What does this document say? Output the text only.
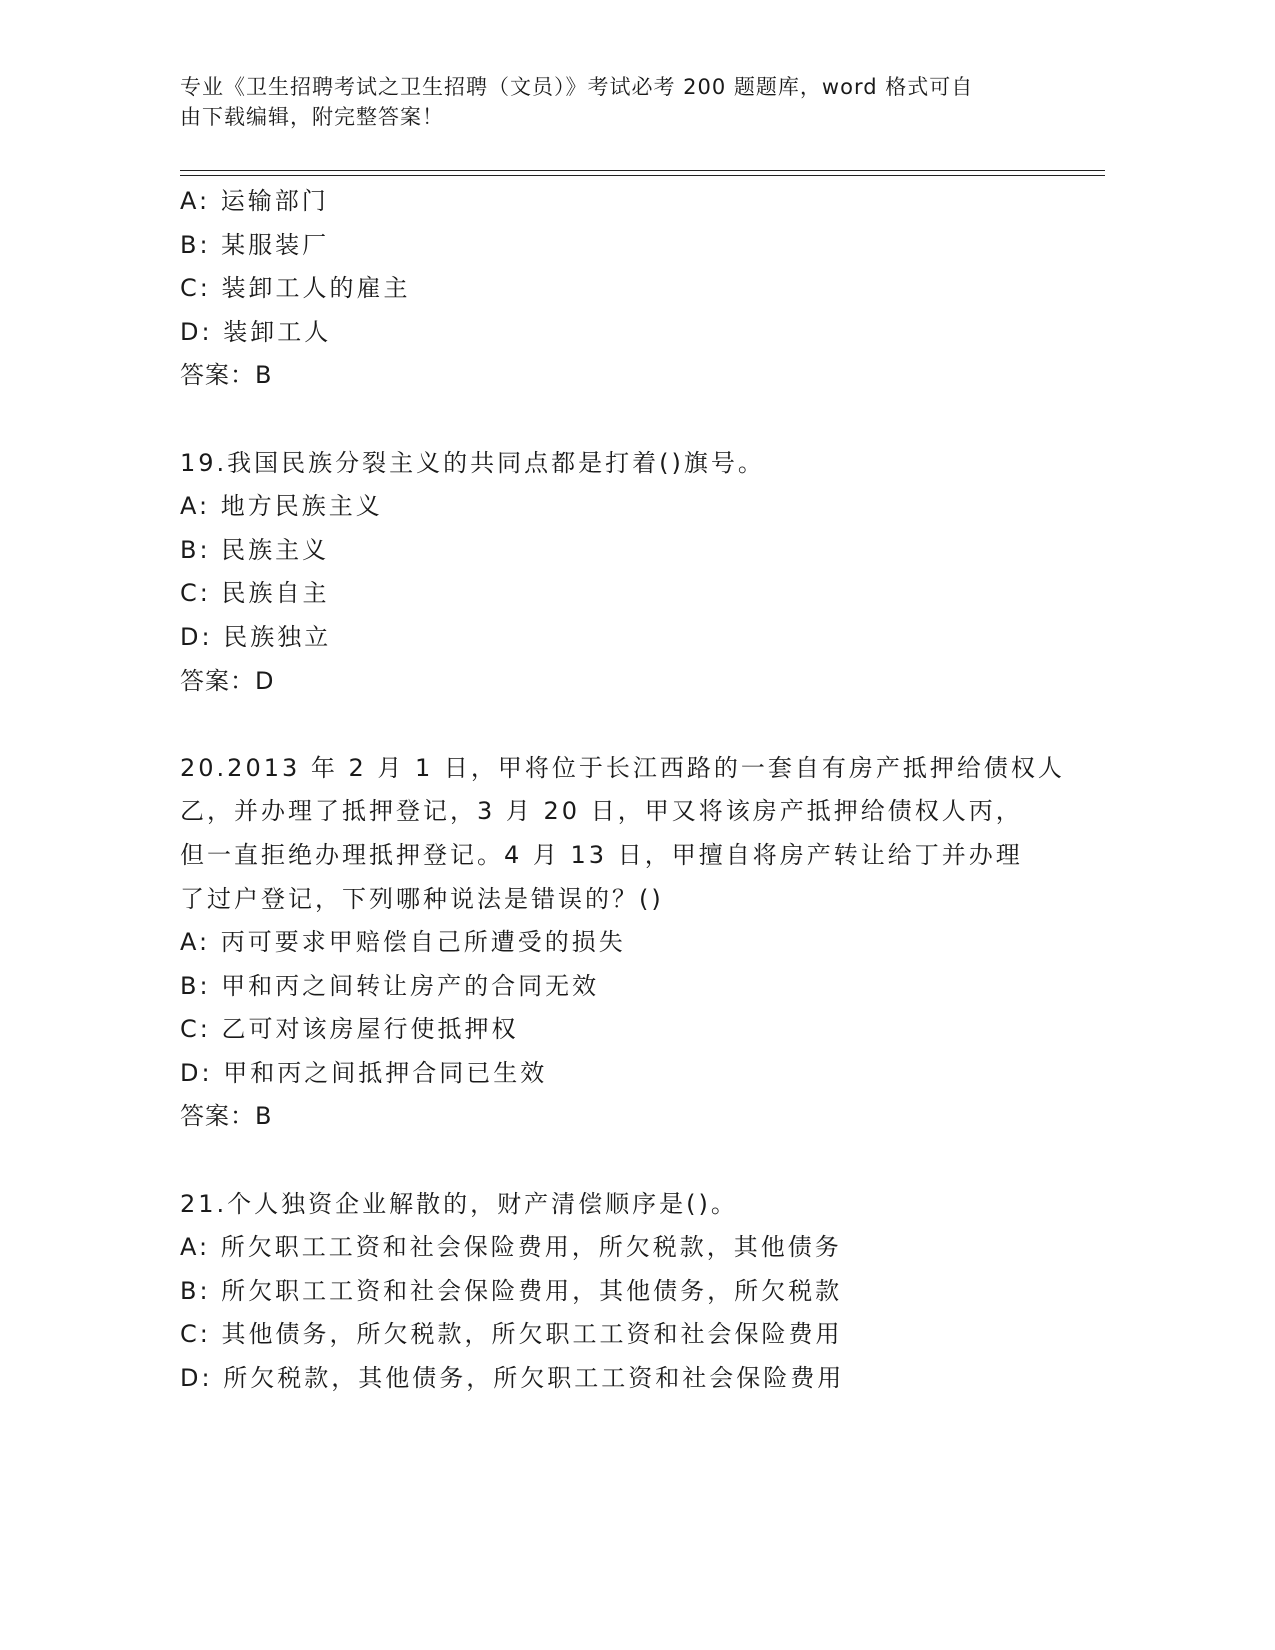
专业《卫生招聘考试之卫生招聘（文员）》考试必考 200 题题库，word 格式可自
由下载编辑，附完整答案！
A: 运输部门
B: 某服装厂
C: 装卸工人的雇主
D: 装卸工人
答案：B
19.我国民族分裂主义的共同点都是打着()旗号。
A: 地方民族主义
B: 民族主义
C: 民族自主
D: 民族独立
答案：D
20.2013 年 2 月 1 日，甲将位于长江西路的一套自有房产抵押给债权人
乙，并办理了抵押登记，3 月 20 日，甲又将该房产抵押给债权人丙，
但一直拒绝办理抵押登记。4 月 13 日，甲擅自将房产转让给丁并办理
了过户登记，下列哪种说法是错误的？()
A: 丙可要求甲赔偿自己所遭受的损失
B: 甲和丙之间转让房产的合同无效
C: 乙可对该房屋行使抵押权
D: 甲和丙之间抵押合同已生效
答案：B
21.个人独资企业解散的，财产清偿顺序是()。
A: 所欠职工工资和社会保险费用，所欠税款，其他债务
B: 所欠职工工资和社会保险费用，其他债务，所欠税款
C: 其他债务，所欠税款，所欠职工工资和社会保险费用
D: 所欠税款，其他债务，所欠职工工资和社会保险费用
